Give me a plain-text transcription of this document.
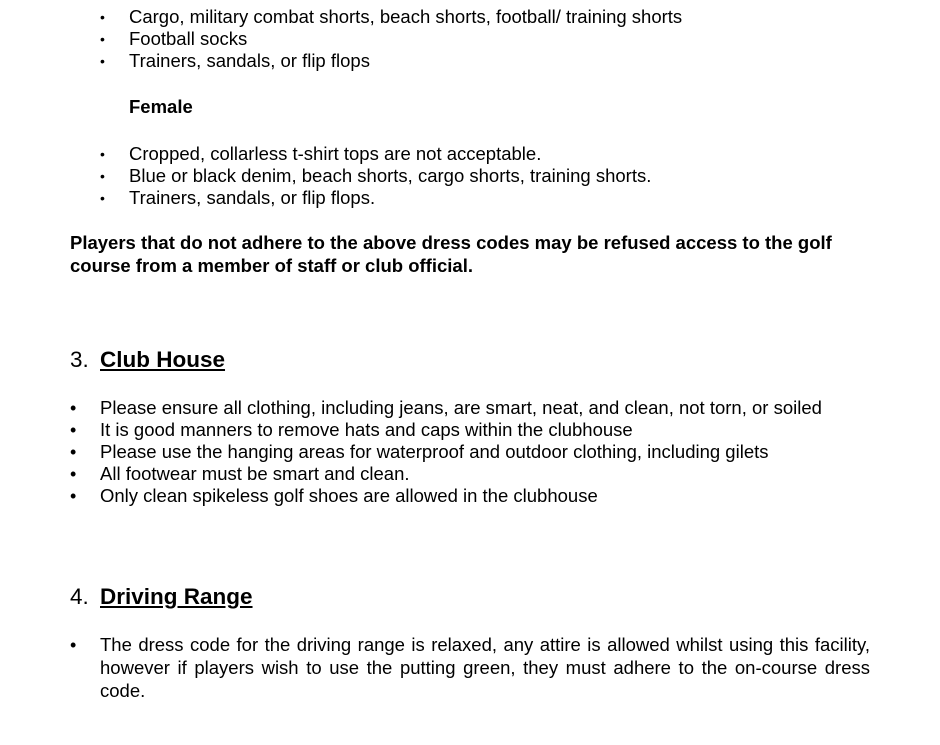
• Cargo, military combat shorts, beach shorts, football/ training shorts
• Football socks
• Trainers, sandals, or flip flops
Female
• Cropped, collarless t-shirt tops are not acceptable.
• Blue or black denim, beach shorts, cargo shorts, training shorts.
• Trainers, sandals, or flip flops.
Players that do not adhere to the above dress codes may be refused access to the golf course from a member of staff or club official.
3. Club House
• Please ensure all clothing, including jeans, are smart, neat, and clean, not torn, or soiled
• It is good manners to remove hats and caps within the clubhouse
• Please use the hanging areas for waterproof and outdoor clothing, including gilets
• All footwear must be smart and clean.
• Only clean spikeless golf shoes are allowed in the clubhouse
4. Driving Range
• The dress code for the driving range is relaxed, any attire is allowed whilst using this facility, however if players wish to use the putting green, they must adhere to the on-course dress code.
